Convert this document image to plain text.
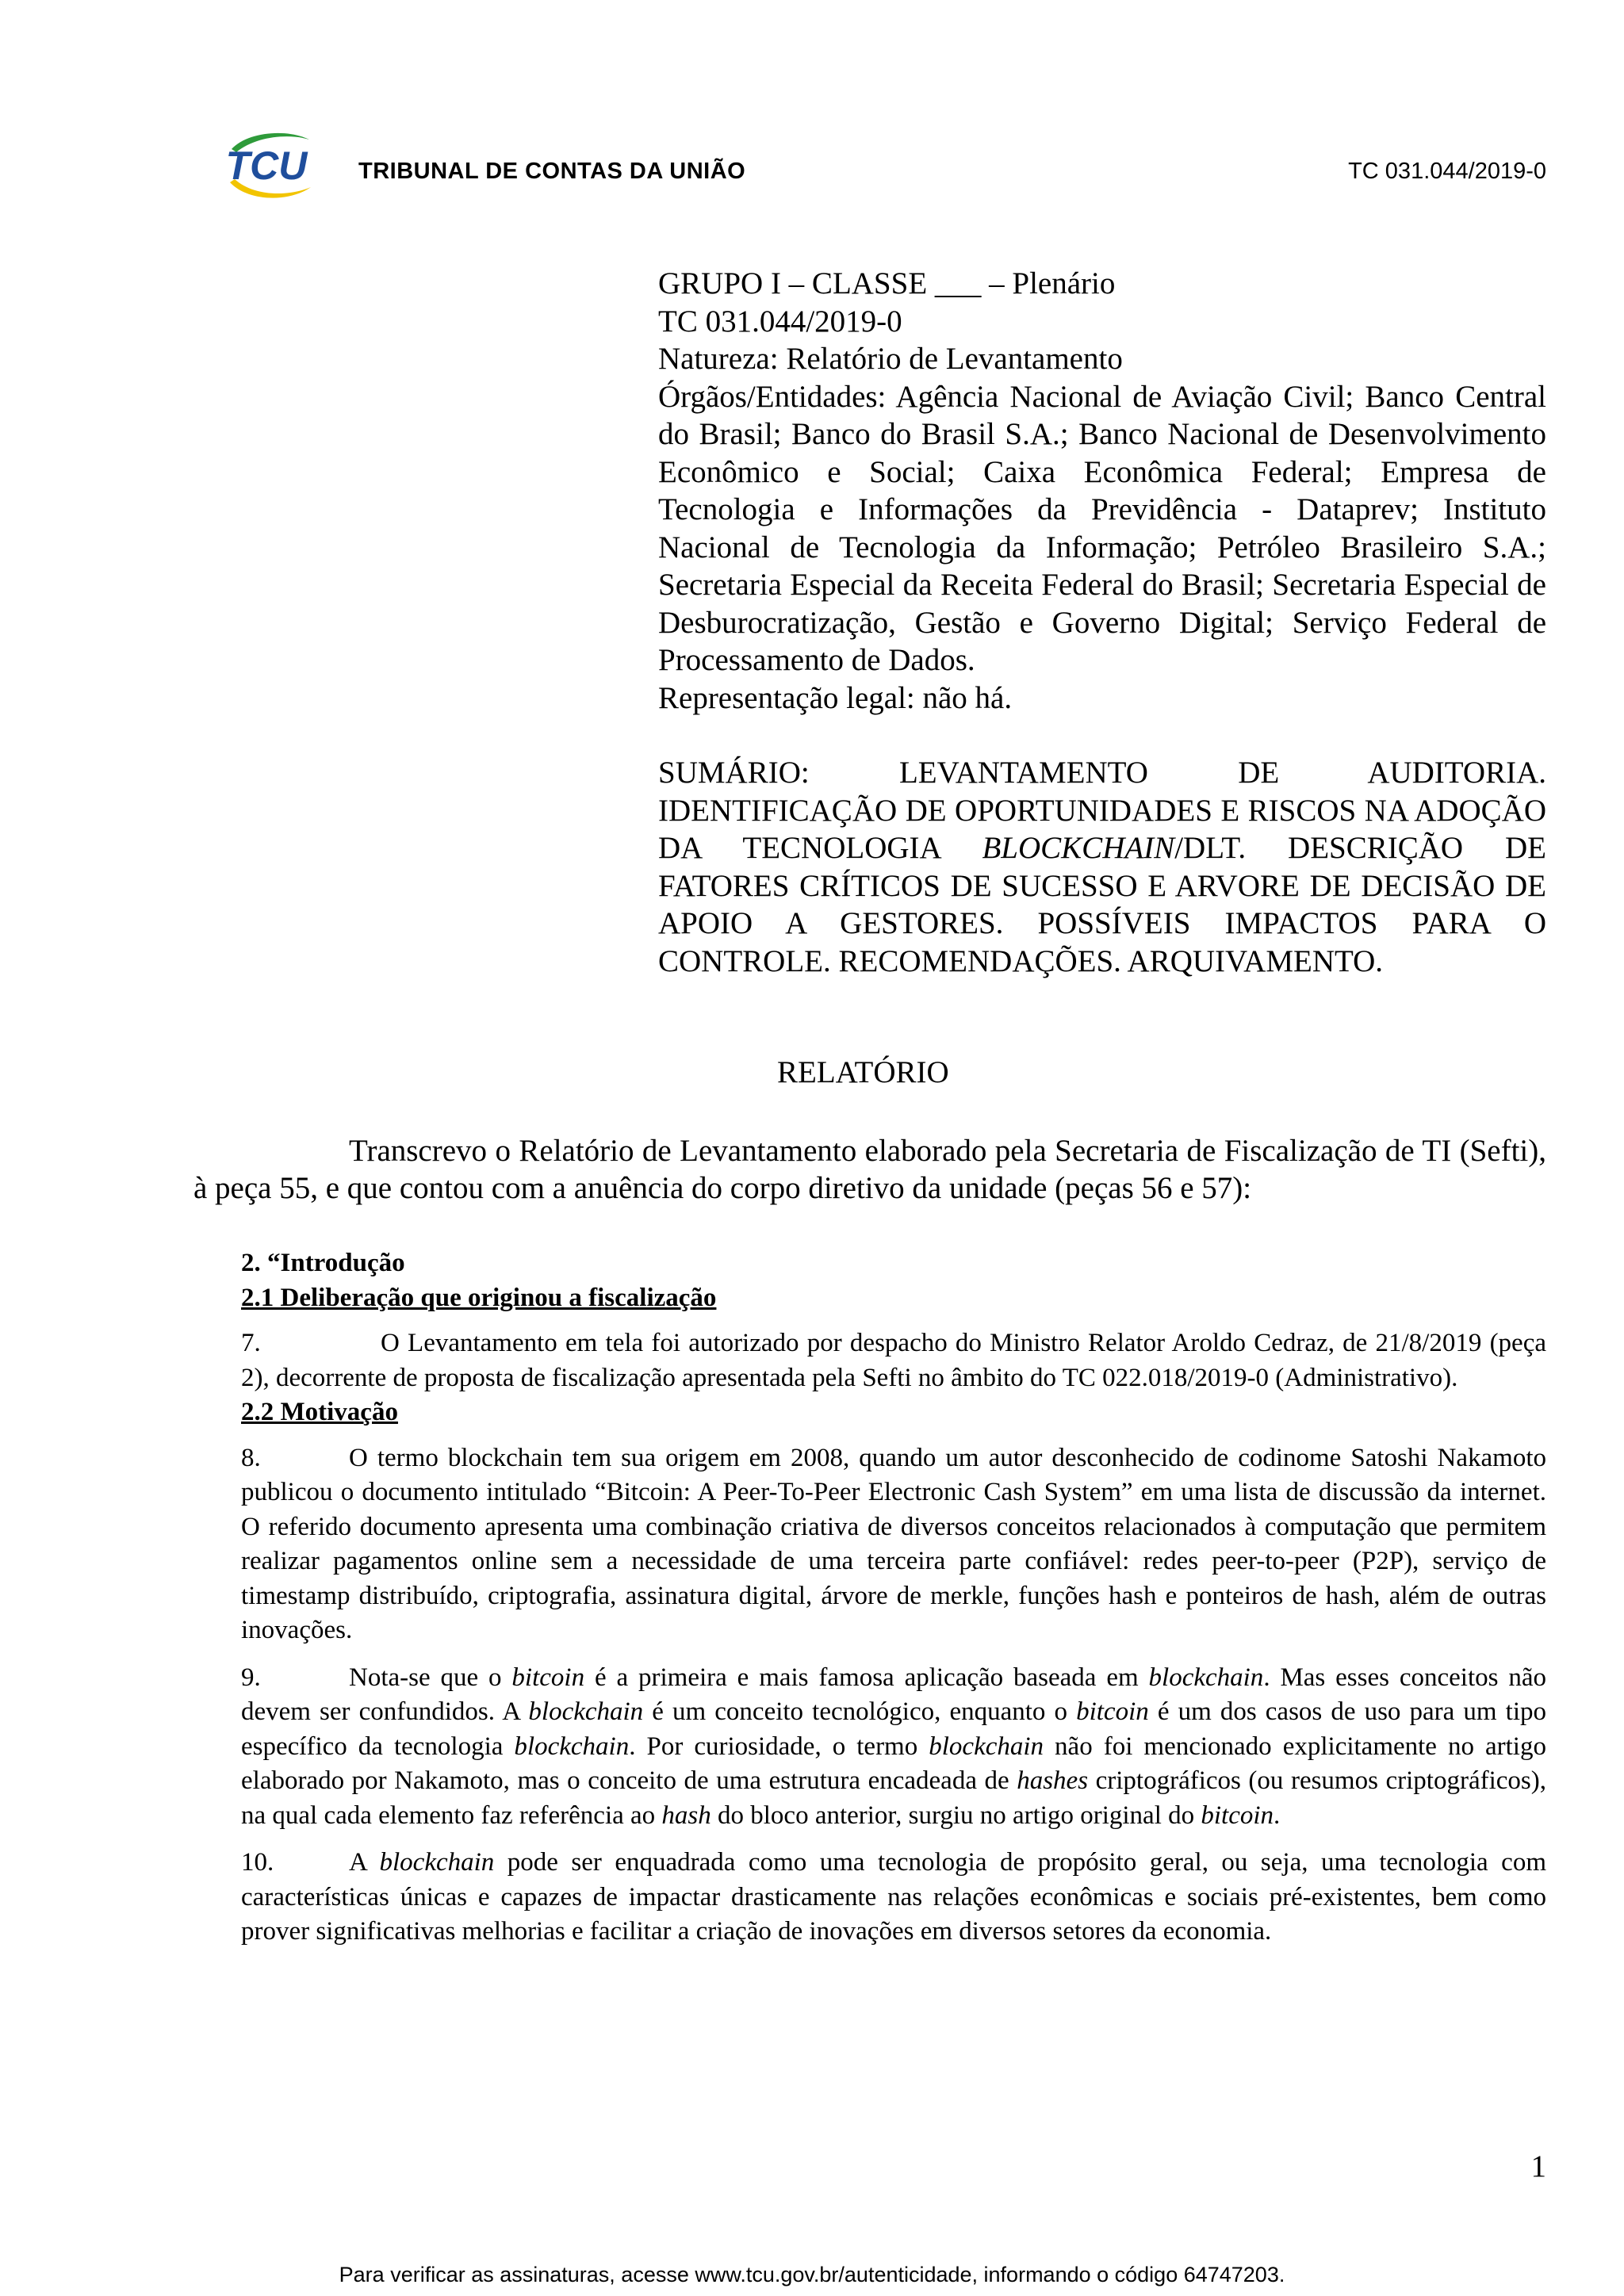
TCU TRIBUNAL DE CONTAS DA UNIÃO	TC 031.044/2019-0

GRUPO I – CLASSE ___ – Plenário

TC 031.044/2019-0

Natureza: Relatório de Levantamento

Órgãos/Entidades: Agência Nacional de Aviação Civil; Banco Central do Brasil; Banco do Brasil S.A.; Banco Nacional de Desenvolvimento Econômico e Social; Caixa Econômica Federal; Empresa de Tecnologia e Informações da Previdência - Dataprev; Instituto Nacional de Tecnologia da Informação; Petróleo Brasileiro S.A.; Secretaria Especial da Receita Federal do Brasil; Secretaria Especial de Desburocratização, Gestão e Governo Digital; Serviço Federal de Processamento de Dados.

Representação legal: não há.

SUMÁRIO: LEVANTAMENTO DE AUDITORIA. IDENTIFICAÇÃO DE OPORTUNIDADES E RISCOS NA ADOÇÃO DA TECNOLOGIA BLOCKCHAIN/DLT. DESCRIÇÃO DE FATORES CRÍTICOS DE SUCESSO E ARVORE DE DECISÃO DE APOIO A GESTORES. POSSÍVEIS IMPACTOS PARA O CONTROLE. RECOMENDAÇÕES. ARQUIVAMENTO.

RELATÓRIO

Transcrevo o Relatório de Levantamento elaborado pela Secretaria de Fiscalização de TI (Sefti), à peça 55, e que contou com a anuência do corpo diretivo da unidade (peças 56 e 57):

2. “Introdução

2.1 Deliberação que originou a fiscalização

7.	O Levantamento em tela foi autorizado por despacho do Ministro Relator Aroldo Cedraz, de 21/8/2019 (peça 2), decorrente de proposta de fiscalização apresentada pela Sefti no âmbito do TC 022.018/2019-0 (Administrativo).

2.2 Motivação

8.	O termo blockchain tem sua origem em 2008, quando um autor desconhecido de codinome Satoshi Nakamoto publicou o documento intitulado “Bitcoin: A Peer-To-Peer Electronic Cash System” em uma lista de discussão da internet. O referido documento apresenta uma combinação criativa de diversos conceitos relacionados à computação que permitem realizar pagamentos online sem a necessidade de uma terceira parte confiável: redes peer-to-peer (P2P), serviço de timestamp distribuído, criptografia, assinatura digital, árvore de merkle, funções hash e ponteiros de hash, além de outras inovações.

9.	Nota-se que o bitcoin é a primeira e mais famosa aplicação baseada em blockchain. Mas esses conceitos não devem ser confundidos. A blockchain é um conceito tecnológico, enquanto o bitcoin é um dos casos de uso para um tipo específico da tecnologia blockchain. Por curiosidade, o termo blockchain não foi mencionado explicitamente no artigo elaborado por Nakamoto, mas o conceito de uma estrutura encadeada de hashes criptográficos (ou resumos criptográficos), na qual cada elemento faz referência ao hash do bloco anterior, surgiu no artigo original do bitcoin.

10.	A blockchain pode ser enquadrada como uma tecnologia de propósito geral, ou seja, uma tecnologia com características únicas e capazes de impactar drasticamente nas relações econômicas e sociais pré-existentes, bem como prover significativas melhorias e facilitar a criação de inovações em diversos setores da economia.

1
Para verificar as assinaturas, acesse www.tcu.gov.br/autenticidade, informando o código 64747203.
